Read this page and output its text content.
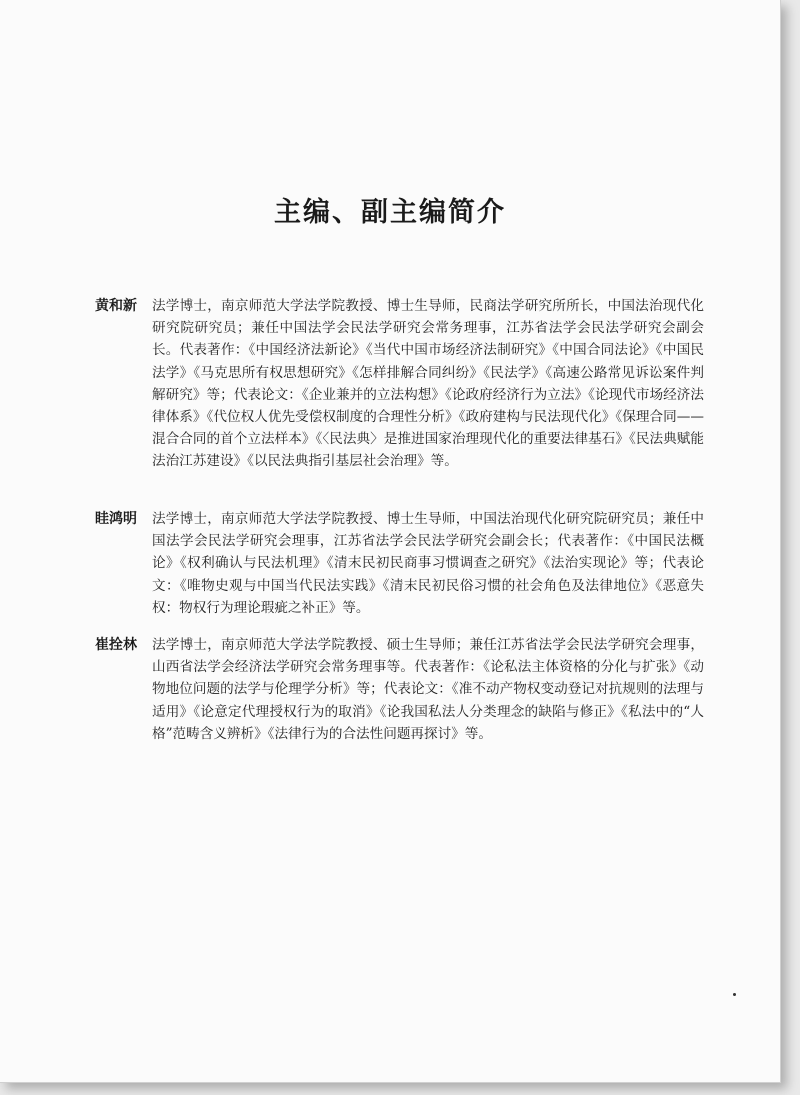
主编、副主编简介
黄和新	法学博士，南京师范大学法学院教授、博士生导师，民商法学研究所所长，中国法治现代化研究院研究员；兼任中国法学会民法学研究会常务理事，江苏省法学会民法学研究会副会长。代表著作：《中国经济法新论》《当代中国市场经济法制研究》《中国合同法论》《中国民法学》《马克思所有权思想研究》《怎样排解合同纠纷》《民法学》《高速公路常见诉讼案件判解研究》等；代表论文：《企业兼并的立法构想》《论政府经济行为立法》《论现代市场经济法律体系》《代位权人优先受偿权制度的合理性分析》《政府建构与民法现代化》《保理合同——混合合同的首个立法样本》《〈民法典〉是推进国家治理现代化的重要法律基石》《民法典赋能法治江苏建设》《以民法典指引基层社会治理》等。
眭鸿明	法学博士，南京师范大学法学院教授、博士生导师，中国法治现代化研究院研究员；兼任中国法学会民法学研究会理事，江苏省法学会民法学研究会副会长；代表著作：《中国民法概论》《权利确认与民法机理》《清末民初民商事习惯调查之研究》《法治实现论》等；代表论文：《唯物史观与中国当代民法实践》《清末民初民俗习惯的社会角色及法律地位》《恶意失权：物权行为理论瑕疵之补正》等。
崔拴林	法学博士，南京师范大学法学院教授、硕士生导师；兼任江苏省法学会民法学研究会理事，山西省法学会经济法学研究会常务理事等。代表著作：《论私法主体资格的分化与扩张》《动物地位问题的法学与伦理学分析》等；代表论文：《准不动产物权变动登记对抗规则的法理与适用》《论意定代理授权行为的取消》《论我国私法人分类理念的缺陷与修正》《私法中的“人格”范畴含义辨析》《法律行为的合法性问题再探讨》等。
